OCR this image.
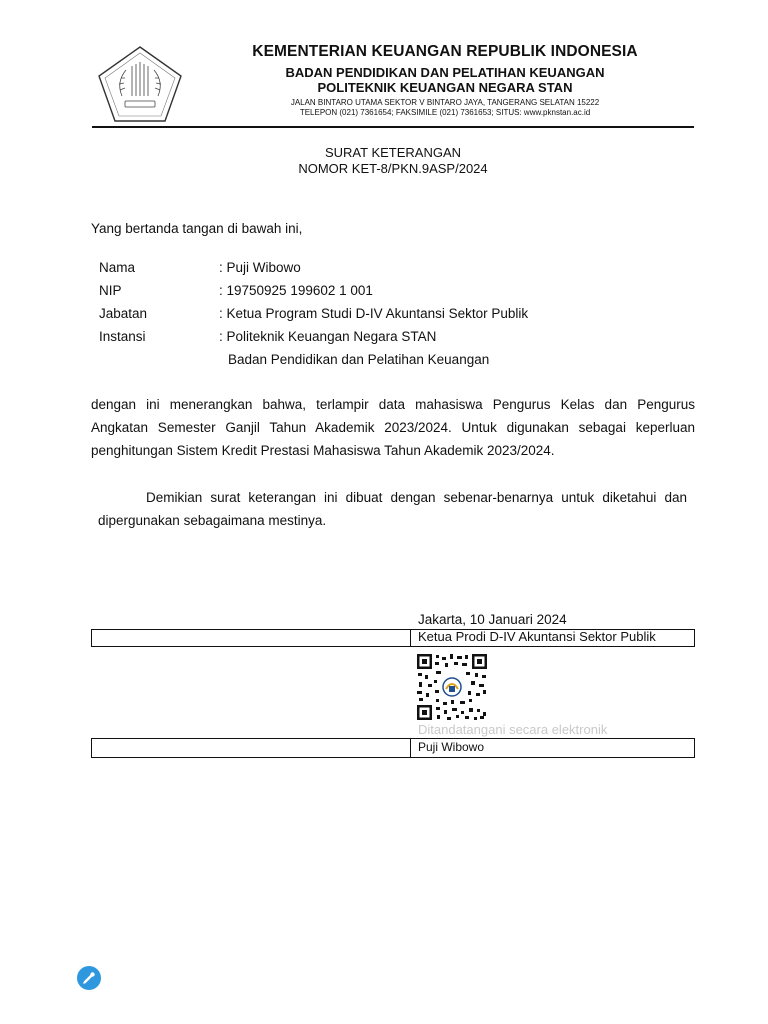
KEMENTERIAN KEUANGAN REPUBLIK INDONESIA
BADAN PENDIDIKAN DAN PELATIHAN KEUANGAN
POLITEKNIK KEUANGAN NEGARA STAN
JALAN BINTARO UTAMA SEKTOR V BINTARO JAYA, TANGERANG SELATAN 15222
TELEPON (021) 7361654; FAKSIMILE (021) 7361653; SITUS: www.pknstan.ac.id
SURAT KETERANGAN
NOMOR KET-8/PKN.9ASP/2024
Yang bertanda tangan di bawah ini,
Nama	: Puji Wibowo
NIP	: 19750925 199602 1 001
Jabatan	: Ketua Program Studi D-IV Akuntansi Sektor Publik
Instansi	: Politeknik Keuangan Negara STAN
Badan Pendidikan dan Pelatihan Keuangan
dengan ini menerangkan bahwa, terlampir data mahasiswa Pengurus Kelas dan Pengurus
Angkatan Semester Ganjil Tahun Akademik 2023/2024. Untuk digunakan sebagai keperluan
penghitungan Sistem Kredit Prestasi Mahasiswa Tahun Akademik 2023/2024.
Demikian surat keterangan ini dibuat dengan sebenar-benarnya untuk diketahui dan
dipergunakan sebagaimana mestinya.
Jakarta, 10 Januari 2024
Ketua Prodi D-IV Akuntansi Sektor Publik
Ditandatangani secara elektronik
Puji Wibowo
